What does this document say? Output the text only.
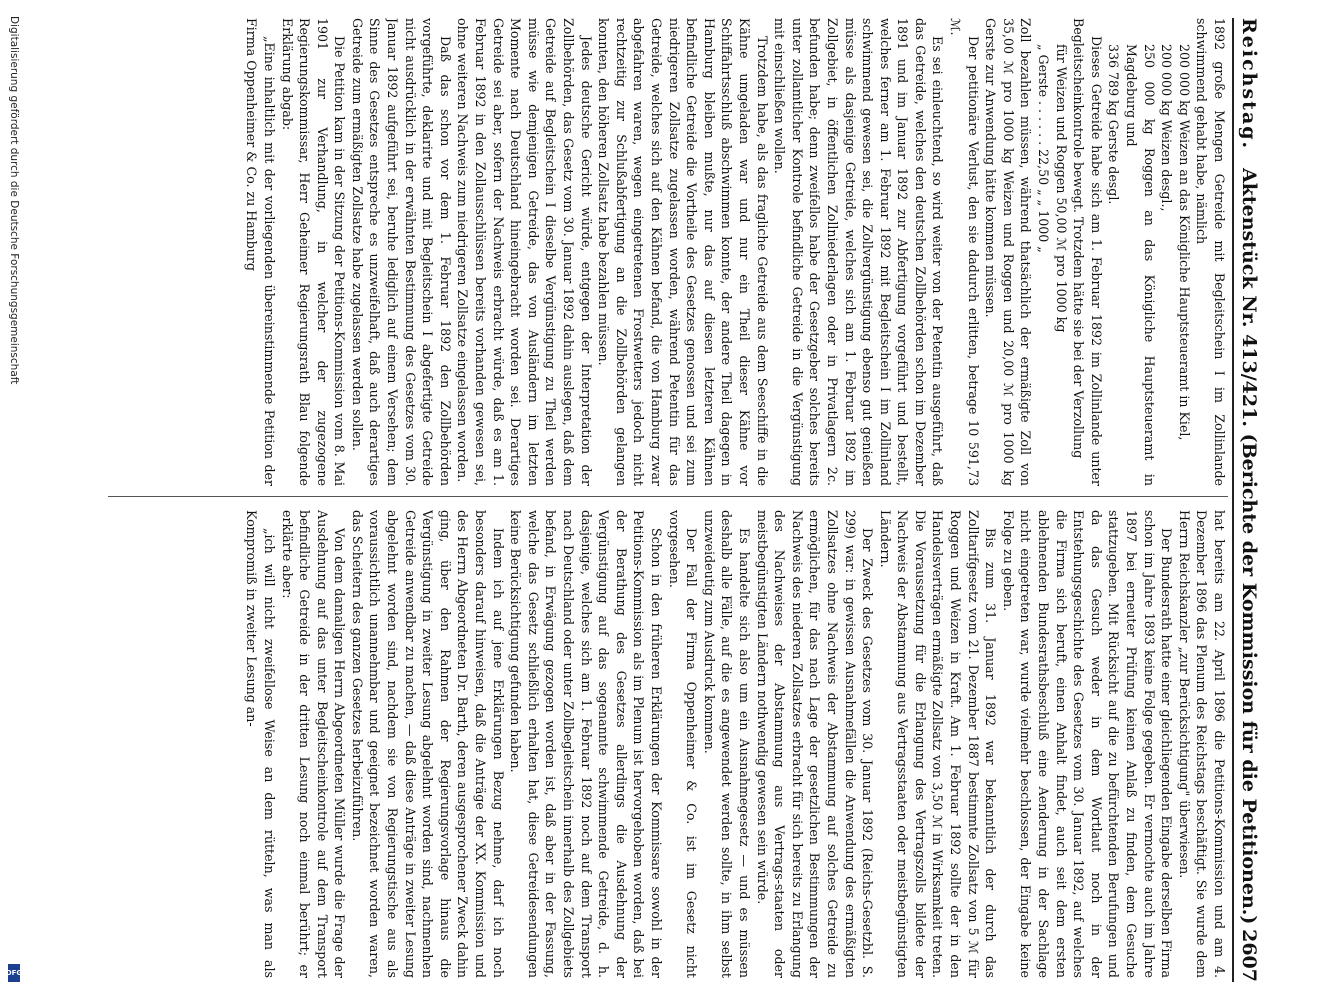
Digitalisierung gefördert durch die Deutsche Forschungsgemeinschaft
DFG
Reichstag.
Aktenstück Nr. 413/421. (Berichte der Kommission für die Petitionen.)
2607

1892 große Mengen Getreide mit Begleitschein I im Zollinlande schwimmend gehabt habe, nämlich

200 000 kg Weizen an das Königliche Hauptsteueramt in Kiel,

200 000 kg Weizen desgl.,

250 000 kg Roggen an das Königliche Hauptsteueramt in Magdeburg und

336 789 kg Gerste desgl.

Dieses Getreide habe sich am 1. Februar 1892 im Zollinlande unter Begleitscheinkontrole bewegt. Trotzdem hätte sie bei der Verzollung

für Weizen und Roggen 50,00 ℳ pro 1000 kg

„ Gerste . . . . . . 22,50 „ „ 1000 „

Zoll bezahlen müssen, während thatsächlich der ermäßigte Zoll von 35,00 ℳ pro 1000 kg Weizen und Roggen und 20,00 ℳ pro 1000 kg Gerste zur Anwendung hätte kommen müssen.

Der petitionäre Verlust, den sie dadurch erlitten, betrage 10 591,73 ℳ.

Es sei einleuchtend, so wird weiter von der Petentin ausgeführt, daß das Getreide, welches den deutschen Zollbehörden schon im Dezember 1891 und im Januar 1892 zur Abfertigung vorgeführt und bestellt, welches ferner am 1. Februar 1892 mit Begleitschein I im Zollinland schwimmend gewesen sei, die Zollvergünstigung ebenso gut genießen müsse als dasjenige Getreide, welches sich am 1. Februar 1892 im Zollgebiet, in öffentlichen Zollniederlagen oder in Privatlagern 2c. befunden habe; denn zweifellos habe der Gesetzgeber solches bereits unter zollamtlicher Kontrole befindliche Getreide in die Vergünstigung mit einschließen wollen.

Trotzdem habe, als das fragliche Getreide aus dem Seeschiffe in die Kähne umgeladen war und nur ein Theil dieser Kähne vor Schiffahrtsschluß abschwimmen konnte, der andere Theil dagegen in Hamburg bleiben mußte, nur das auf diesen letzteren Kähnen befindliche Getreide die Vortheile des Gesetzes genossen und sei zum niedrigeren Zollsatze zugelassen worden, während Petentin für das Getreide, welches sich auf den Kähnen befand, die von Hamburg zwar abgefahren waren, wegen eingetretenen Frostwetters jedoch nicht rechtzeitig zur Schlußabfertigung an die Zollbehörden gelangen konnten, den höheren Zollsatz habe bezahlen müssen.

Jedes deutsche Gericht würde, entgegen der Interpretation der Zollbehörden, das Gesetz vom 30. Januar 1892 dahin auslegen, daß dem Getreide auf Begleitschein I dieselbe Vergünstigung zu Theil werden müsse wie demjenigen Getreide, das von Ausländern im letzten Momente nach Deutschland hineingebracht worden sei. Derartiges Getreide sei aber, sofern der Nachweis erbracht würde, daß es am 1. Februar 1892 in den Zollausschlüssen bereits vorhanden gewesen sei, ohne weiteren Nachweis zum niedrigeren Zollsatze eingelassen worden.

Daß das schon vor dem 1. Februar 1892 den Zollbehörden vorgeführte, deklarirte und mit Begleitschein I abgefertigte Getreide nicht ausdrücklich in der erwähnten Bestimmung des Gesetzes vom 30. Januar 1892 aufgeführt sei, beruhe lediglich auf einem Versehen; dem Sinne des Gesetzes entspreche es unzweifelhaft, daß auch derartiges Getreide zum ermäßigten Zollsatze habe zugelassen werden sollen.

Die Petition kam in der Sitzung der Petitions-Kommission vom 8. Mai 1901 zur Verhandlung, in welcher der zugezogene Regierungskommissar, Herr Geheimer Regierungsrath Blau folgende Erklärung abgab:

„Eine inhaltlich mit der vorliegenden übereinstimmende Petition der Firma Oppenheimer & Co. zu Hamburg

hat bereits am 22. April 1896 die Petitions-Kommission und am 4. Dezember 1896 das Plenum des Reichstags beschäftigt. Sie wurde dem Herrn Reichskanzler „zur Berücksichtigung" überwiesen.

Der Bundesrath hatte einer gleichliegenden Eingabe derselben Firma schon im Jahre 1893 keine Folge gegeben. Er vermochte auch im Jahre 1897 bei erneuter Prüfung keinen Anlaß zu finden, dem Gesuche stattzugeben. Mit Rücksicht auf die zu befürchtenden Berufungen und da das Gesuch weder in dem Wortlaut noch in der Entstehungsgeschichte des Gesetzes vom 30. Januar 1892, auf welches die Firma sich beruft, einen Anhalt findet, auch seit dem ersten ablehnenden Bundesrathsbeschluß eine Aenderung in der Sachlage nicht eingetreten war, wurde vielmehr beschlossen, der Eingabe keine Folge zu geben.

Bis zum 31. Januar 1892 war bekanntlich der durch das Zolltarifgesetz vom 21. Dezember 1887 bestimmte Zollsatz von 5 ℳ für Roggen und Weizen in Kraft. Am 1. Februar 1892 sollte der in den Handelsverträgen ermäßigte Zollsatz von 3,50 ℳ in Wirksamkeit treten. Die Voraussetzung für die Erlangung des Vertragszolls bildete der Nachweis der Abstammung aus Vertragsstaaten oder meistbegünstigten Ländern.

Der Zweck des Gesetzes vom 30. Januar 1892 (Reichs-Gesetzbl. S. 299) war: in gewissen Ausnahmefällen die Anwendung des ermäßigten Zollsatzes ohne Nachweis der Abstammung auf solches Getreide zu ermöglichen, für das nach Lage der gesetzlichen Bestimmungen der Nachweis des niederen Zollsatzes erbracht für sich bereits zu Erlangung des Nachweises der Abstammung aus Vertrags-staaten oder meistbegünstigten Ländern nothwendig gewesen sein würde.

Es handelte sich also um ein Ausnahmegesetz — und es müssen deshalb alle Fälle, auf die es angewendet werden sollte, in ihm selbst unzweideutig zum Ausdruck kommen.

Der Fall der Firma Oppenheimer & Co. ist im Gesetz nicht vorgesehen.

Schon in den früheren Erklärungen der Kommissare sowohl in der Petitions-Kommission als im Plenum ist hervorgehoben worden, daß bei der Berathung des Gesetzes allerdings die Ausdehnung der Vergünstigung auf das sogenannte schwimmende Getreide, d. h. dasjenige, welches sich am 1. Februar 1892 noch auf dem Transport nach Deutschland oder unter Zollbegleitschein innerhalb des Zollgebiets befand, in Erwägung gezogen worden ist, daß aber in der Fassung, welche das Gesetz schließlich erhalten hat, diese Getreidesendungen keine Berücksichtigung gefunden haben.

Indem ich auf jene Erklärungen Bezug nehme, darf ich noch besonders darauf hinweisen, daß die Anträge der XX. Kommission und des Herrn Abgeordneten Dr. Barth, deren ausgesprochener Zweck dahin ging, über den Rahmen der Regierungsvorlage hinaus die Vergünstigung in zweiter Lesung abgelehnt worden sind, nachmenhen Getreide anwendbar zu machen, — daß diese Anträge in zweiter Lesung abgelehnt worden sind, nachdem sie von Regierungstische aus als voraussichtlich unannehmbar und geeignet bezeichnet worden waren, das Scheitern des ganzen Gesetzes herbeizuführen.

Von dem damaligen Herrn Abgeordneten Müller wurde die Frage der Ausdehnung auf das unter Begleitscheinkontrole auf dem Transport befindliche Getreide in der dritten Lesung noch einmal berührt; er erklärte aber:

„ich will nicht zweifellose Weise an dem rütteln, was man als Kompromiß in zweiter Lesung an-
